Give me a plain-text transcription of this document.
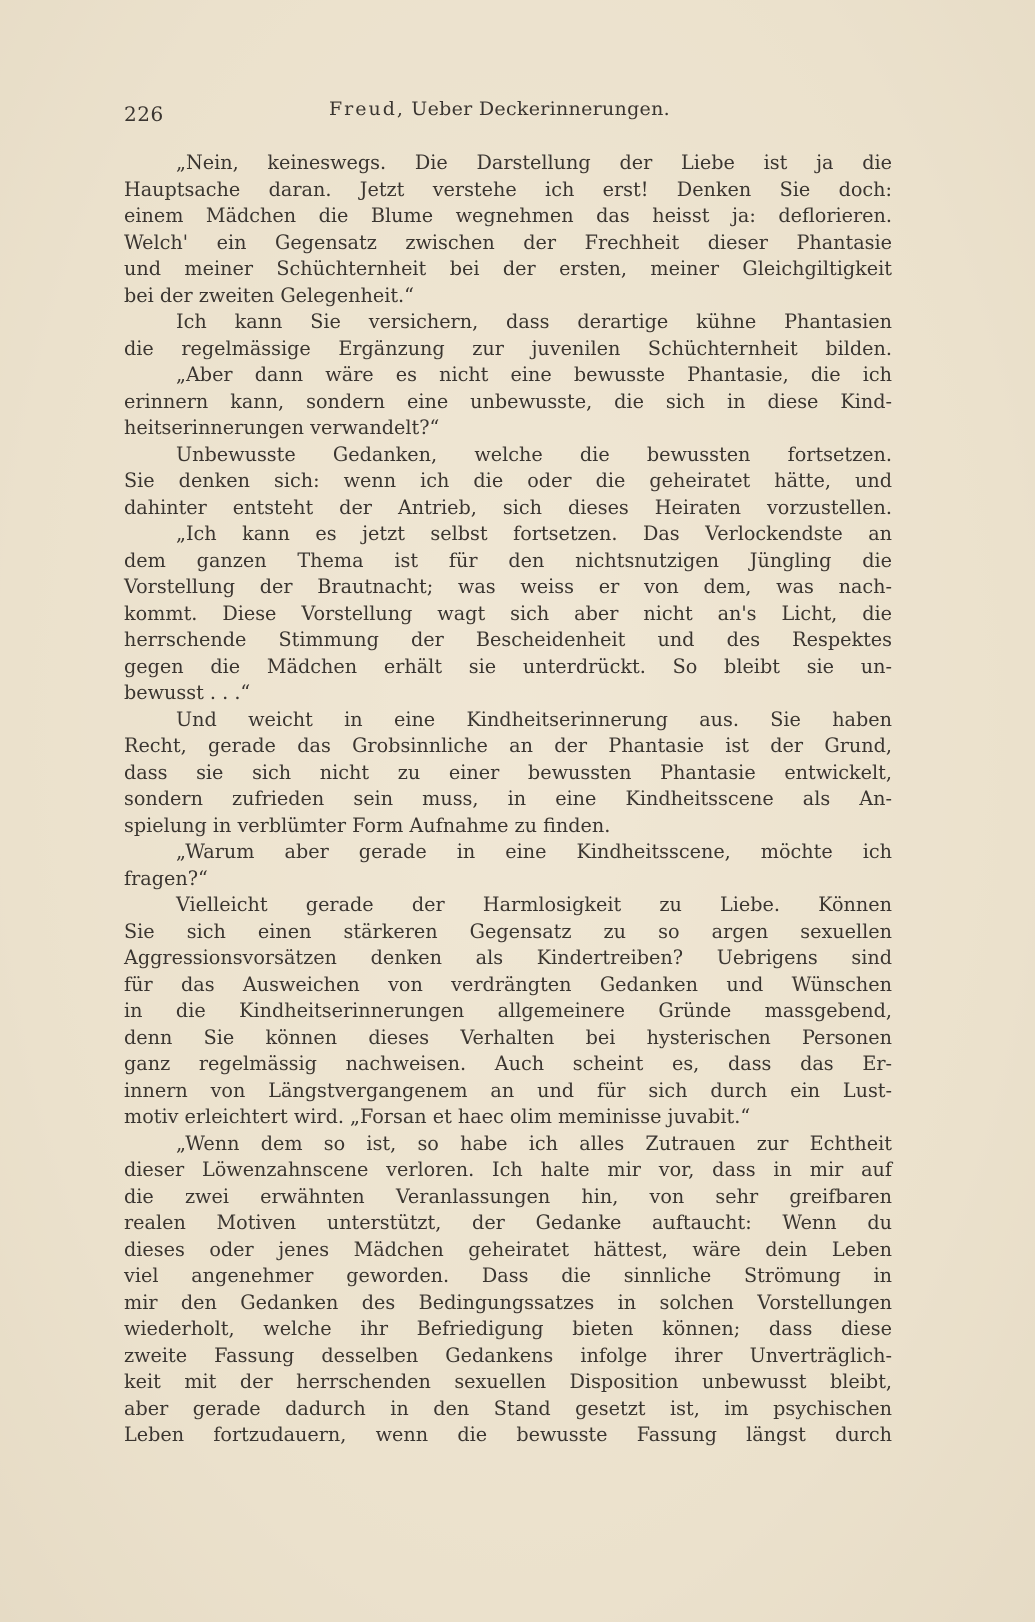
226	Freud, Ueber Deckerinnerungen.
„Nein, keineswegs. Die Darstellung der Liebe ist ja die
Hauptsache daran. Jetzt verstehe ich erst! Denken Sie doch:
einem Mädchen die Blume wegnehmen das heisst ja: deflorieren.
Welch' ein Gegensatz zwischen der Frechheit dieser Phantasie
und meiner Schüchternheit bei der ersten, meiner Gleichgiltigkeit
bei der zweiten Gelegenheit.“
Ich kann Sie versichern, dass derartige kühne Phantasien
die regelmässige Ergänzung zur juvenilen Schüchternheit bilden.
„Aber dann wäre es nicht eine bewusste Phantasie, die ich
erinnern kann, sondern eine unbewusste, die sich in diese Kind-
heitserinnerungen verwandelt?“
Unbewusste Gedanken, welche die bewussten fortsetzen.
Sie denken sich: wenn ich die oder die geheiratet hätte, und
dahinter entsteht der Antrieb, sich dieses Heiraten vorzustellen.
„Ich kann es jetzt selbst fortsetzen. Das Verlockendste an
dem ganzen Thema ist für den nichtsnutzigen Jüngling die
Vorstellung der Brautnacht; was weiss er von dem, was nach-
kommt. Diese Vorstellung wagt sich aber nicht an's Licht, die
herrschende Stimmung der Bescheidenheit und des Respektes
gegen die Mädchen erhält sie unterdrückt. So bleibt sie un-
bewusst . . .“
Und weicht in eine Kindheitserinnerung aus. Sie haben
Recht, gerade das Grobsinnliche an der Phantasie ist der Grund,
dass sie sich nicht zu einer bewussten Phantasie entwickelt,
sondern zufrieden sein muss, in eine Kindheitsscene als An-
spielung in verblümter Form Aufnahme zu finden.
„Warum aber gerade in eine Kindheitsscene, möchte ich
fragen?“
Vielleicht gerade der Harmlosigkeit zu Liebe. Können
Sie sich einen stärkeren Gegensatz zu so argen sexuellen
Aggressionsvorsätzen denken als Kindertreiben? Uebrigens sind
für das Ausweichen von verdrängten Gedanken und Wünschen
in die Kindheitserinnerungen allgemeinere Gründe massgebend,
denn Sie können dieses Verhalten bei hysterischen Personen
ganz regelmässig nachweisen. Auch scheint es, dass das Er-
innern von Längstvergangenem an und für sich durch ein Lust-
motiv erleichtert wird. „Forsan et haec olim meminisse juvabit.“
„Wenn dem so ist, so habe ich alles Zutrauen zur Echtheit
dieser Löwenzahnscene verloren. Ich halte mir vor, dass in mir auf
die zwei erwähnten Veranlassungen hin, von sehr greifbaren
realen Motiven unterstützt, der Gedanke auftaucht: Wenn du
dieses oder jenes Mädchen geheiratet hättest, wäre dein Leben
viel angenehmer geworden. Dass die sinnliche Strömung in
mir den Gedanken des Bedingungssatzes in solchen Vorstellungen
wiederholt, welche ihr Befriedigung bieten können; dass diese
zweite Fassung desselben Gedankens infolge ihrer Unverträglich-
keit mit der herrschenden sexuellen Disposition unbewusst bleibt,
aber gerade dadurch in den Stand gesetzt ist, im psychischen
Leben fortzudauern, wenn die bewusste Fassung längst durch
